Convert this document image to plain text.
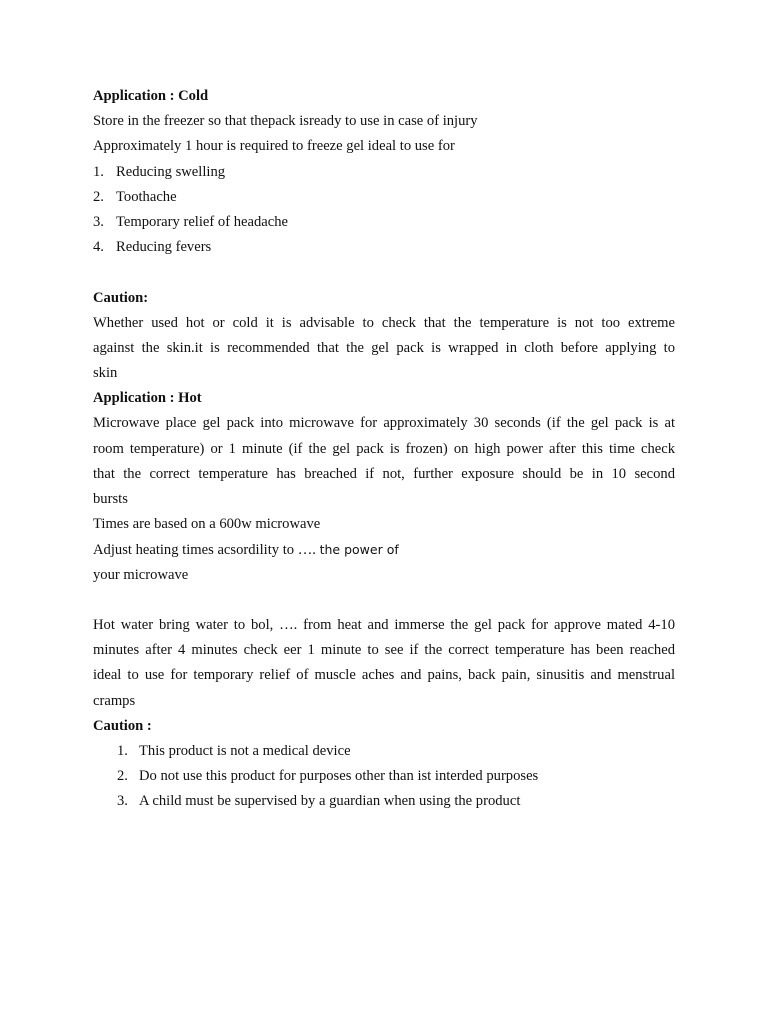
Application : Cold
Store in the freezer so that thepack isready to use in case of injury
Approximately 1 hour is required to freeze gel ideal to use for
1. Reducing swelling
2. Toothache
3. Temporary relief of headache
4. Reducing fevers
Caution:
Whether used hot or cold it is advisable to check that the temperature is not too extreme
against the skin.it is recommended that the gel pack is wrapped in cloth before applying to
skin
Application : Hot
Microwave place gel pack into microwave for approximately 30 seconds (if the gel pack is at
room temperature) or 1 minute (if the gel pack is frozen) on high power after this time check
that the correct temperature has breached if not, further exposure should be in 10 second
bursts
Times are based on a 600w microwave
Adjust heating times acsordility to …. the power of
your microwave
Hot water bring water to bol, …. from heat and immerse the gel pack for approve mated 4-10
minutes after 4 minutes check eer 1 minute to see if the correct temperature has been reached
ideal to use for temporary relief of muscle aches and pains, back pain, sinusitis and menstrual
cramps
Caution :
1. This product is not a medical device
2. Do not use this product for purposes other than ist interded purposes
3. A child must be supervised by a guardian when using the product
